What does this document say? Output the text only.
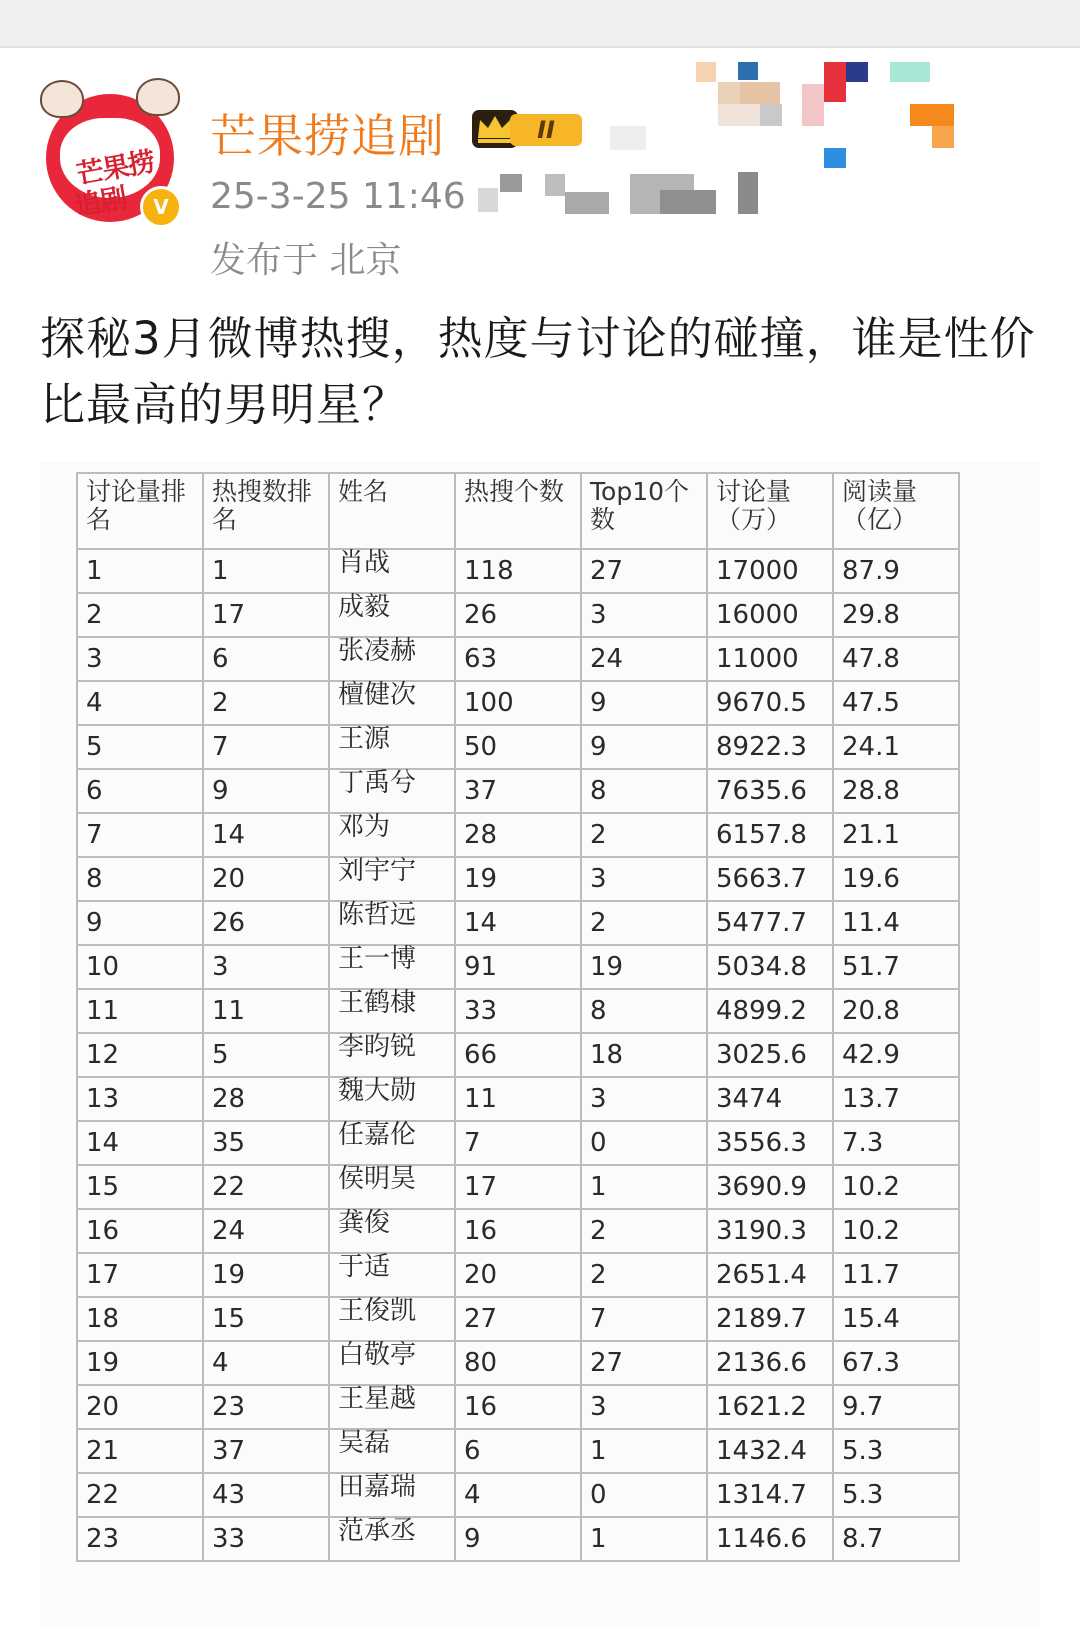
芒果捞
追剧	V
芒果捞追剧	II
25-3-25 11:46
发布于 北京
探秘3月微博热搜，热度与讨论的碰撞，谁是性价比最高的男明星？
讨论量排名	热搜数排名	姓名	热搜个数	Top10个数	讨论量（万）	阅读量（亿）
1	1	肖战	118	27	17000	87.9
2	17	成毅	26	3	16000	29.8
3	6	张凌赫	63	24	11000	47.8
4	2	檀健次	100	9	9670.5	47.5
5	7	王源	50	9	8922.3	24.1
6	9	丁禹兮	37	8	7635.6	28.8
7	14	邓为	28	2	6157.8	21.1
8	20	刘宇宁	19	3	5663.7	19.6
9	26	陈哲远	14	2	5477.7	11.4
10	3	王一博	91	19	5034.8	51.7
11	11	王鹤棣	33	8	4899.2	20.8
12	5	李昀锐	66	18	3025.6	42.9
13	28	魏大勋	11	3	3474	13.7
14	35	任嘉伦	7	0	3556.3	7.3
15	22	侯明昊	17	1	3690.9	10.2
16	24	龚俊	16	2	3190.3	10.2
17	19	于适	20	2	2651.4	11.7
18	15	王俊凯	27	7	2189.7	15.4
19	4	白敬亭	80	27	2136.6	67.3
20	23	王星越	16	3	1621.2	9.7
21	37	吴磊	6	1	1432.4	5.3
22	43	田嘉瑞	4	0	1314.7	5.3
23	33	范承丞	9	1	1146.6	8.7
